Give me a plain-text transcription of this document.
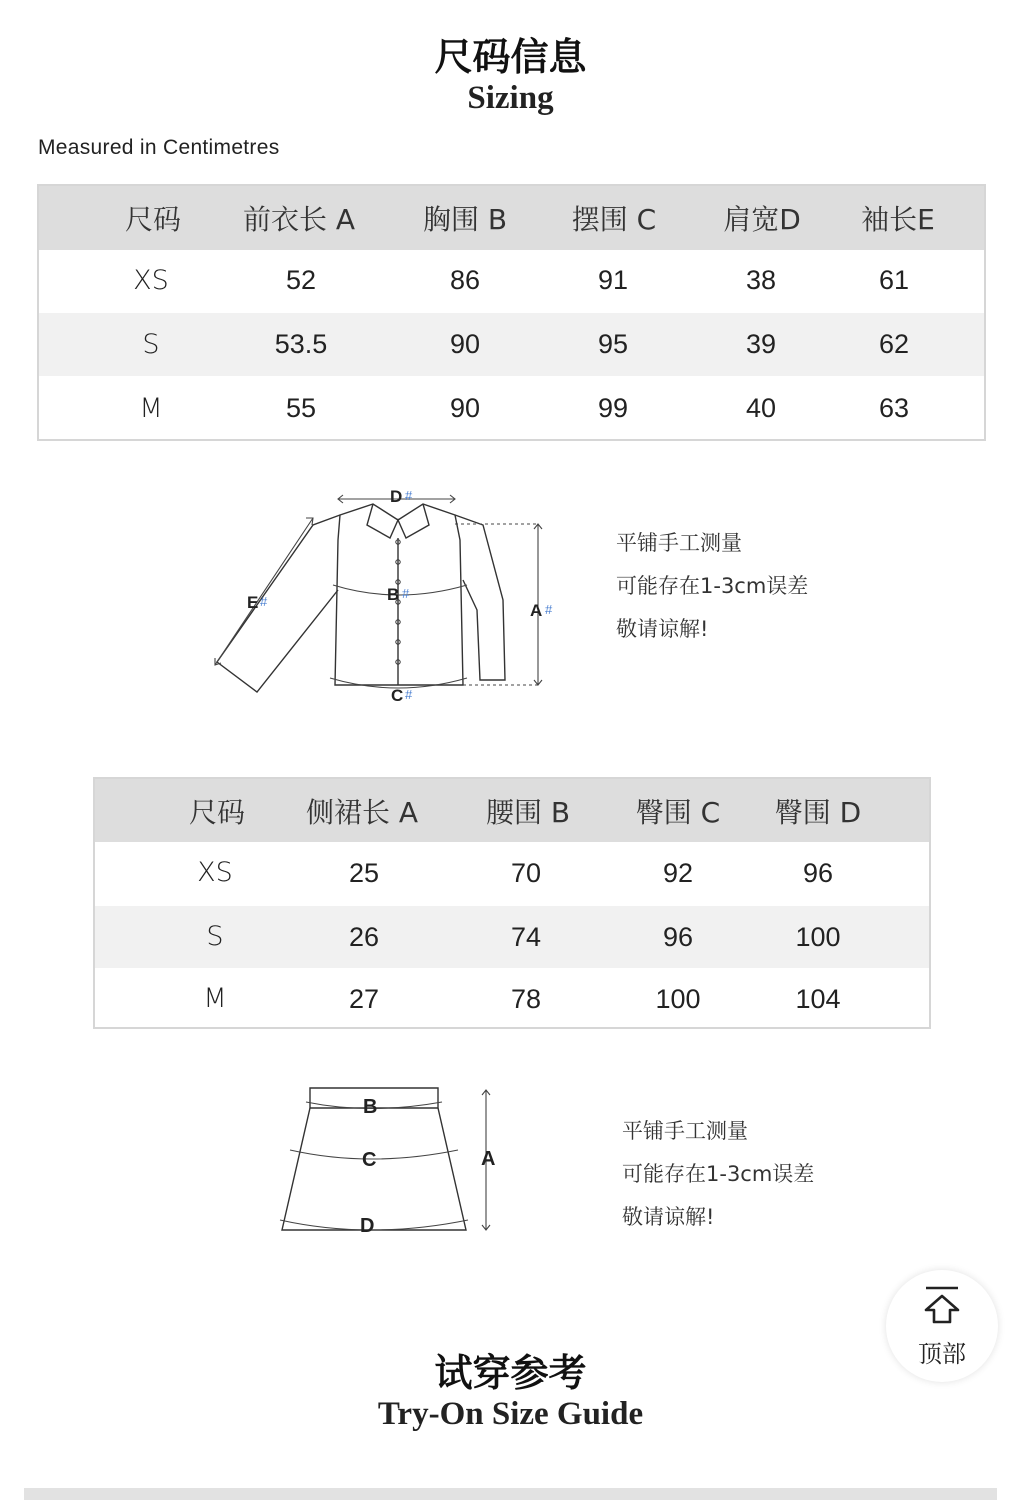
尺码信息
Sizing
Measured in Centimetres
尺码	前衣长 A	胸围 B	摆围 C	肩宽D	袖长E
XS	52	86	91	38	61
S	53.5	90	95	39	62
M	55	90	99	40	63
D
B
C
A
E
#
#
#
#
#
平铺手工测量
可能存在1-3cm误差
敬请谅解!
尺码	侧裙长 A	腰围 B	臀围 C	臀围 D
XS	25	70	92	96
S	26	74	96	100
M	27	78	100	104
B
C
D
A
平铺手工测量
可能存在1-3cm误差
敬请谅解!
顶部
试穿参考
Try-On Size Guide
